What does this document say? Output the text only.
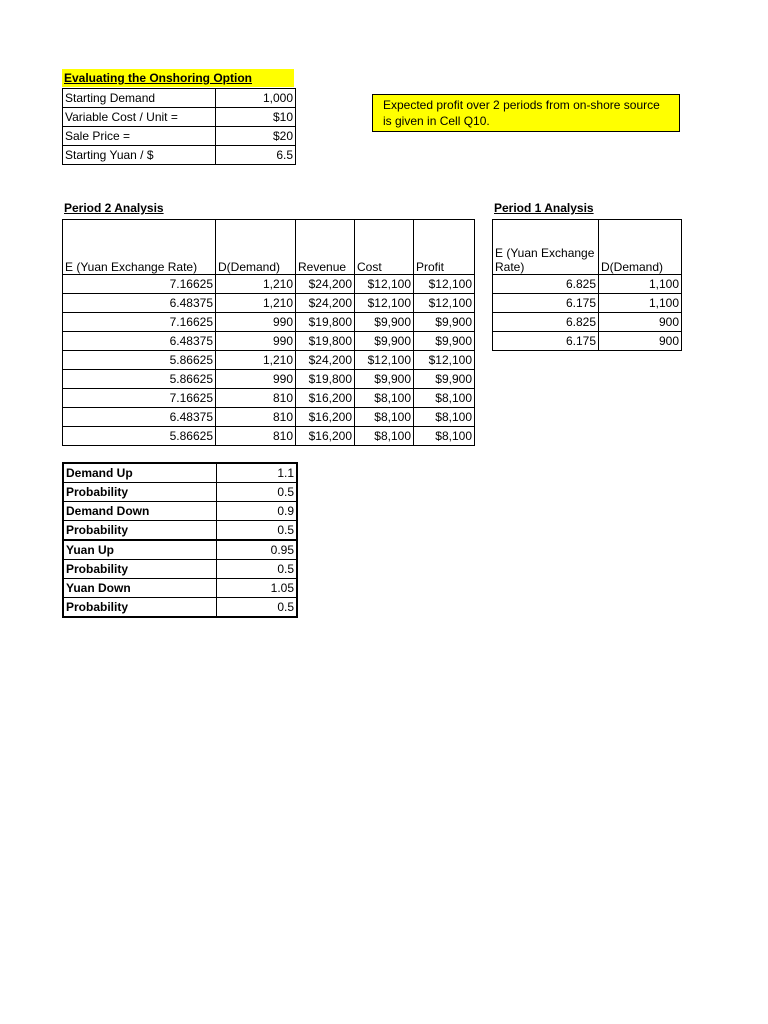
Evaluating the Onshoring Option
Starting Demand	1,000
Variable Cost / Unit =	$10
Sale Price =	$20
Starting Yuan / $	6.5
Expected profit over 2 periods from on-shore source is given in Cell Q10.
Period 2 Analysis
E (Yuan Exchange Rate)	D(Demand)	Revenue	Cost	Profit
7.16625	1,210	$24,200	$12,100	$12,100
6.48375	1,210	$24,200	$12,100	$12,100
7.16625	990	$19,800	$9,900	$9,900
6.48375	990	$19,800	$9,900	$9,900
5.86625	1,210	$24,200	$12,100	$12,100
5.86625	990	$19,800	$9,900	$9,900
7.16625	810	$16,200	$8,100	$8,100
6.48375	810	$16,200	$8,100	$8,100
5.86625	810	$16,200	$8,100	$8,100
Period 1 Analysis
E (Yuan Exchange Rate)	D(Demand)
6.825	1,100
6.175	1,100
6.825	900
6.175	900
Demand Up	1.1
Probability	0.5
Demand Down	0.9
Probability	0.5
Yuan Up	0.95
Probability	0.5
Yuan Down	1.05
Probability	0.5
